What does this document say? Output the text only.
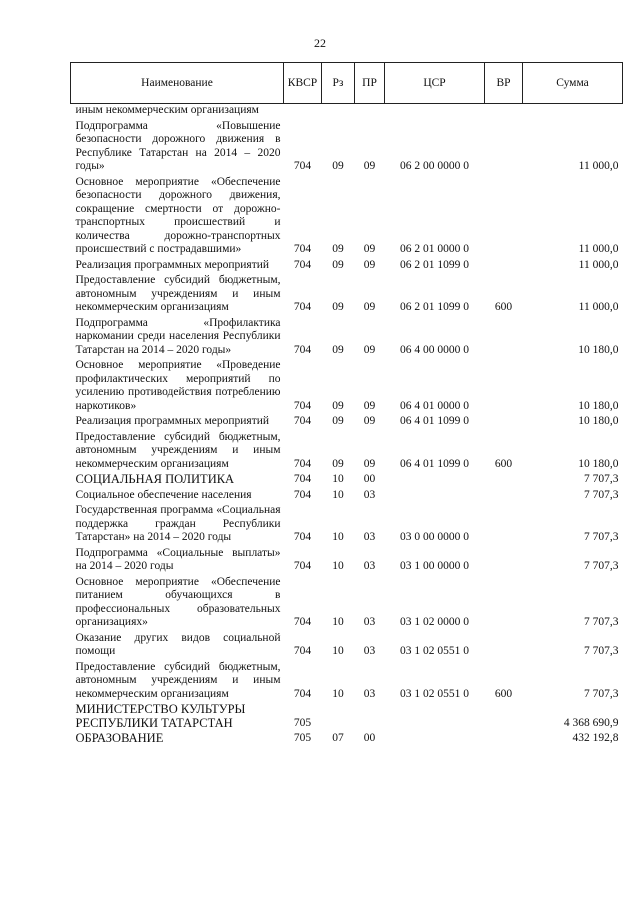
22
Наименование	КВСР	Рз	ПР	ЦСР	ВР	Сумма
иным некоммерческим организациям						
Подпрограмма «Повышение безопасности дорожного движения в Республике Татарстан на 2014 – 2020 годы»	704	09	09	06 2 00 0000 0		11 000,0
Основное мероприятие «Обеспечение безопасности дорожного движения, сокращение смертности от дорожно-транспортных происшествий и количества дорожно-транспортных происшествий с пострадавшими»	704	09	09	06 2 01 0000 0		11 000,0
Реализация программных мероприятий	704	09	09	06 2 01 1099 0		11 000,0
Предоставление субсидий бюджетным, автономным учреждениям и иным некоммерческим организациям	704	09	09	06 2 01 1099 0	600	11 000,0
Подпрограмма «Профилактика наркомании среди населения Республики Татарстан на 2014 – 2020 годы»	704	09	09	06 4 00 0000 0		10 180,0
Основное мероприятие «Проведение профилактических мероприятий по усилению противодействия потреблению наркотиков»	704	09	09	06 4 01 0000 0		10 180,0
Реализация программных мероприятий	704	09	09	06 4 01 1099 0		10 180,0
Предоставление субсидий бюджетным, автономным учреждениям и иным некоммерческим организациям	704	09	09	06 4 01 1099 0	600	10 180,0
СОЦИАЛЬНАЯ ПОЛИТИКА	704	10	00			7 707,3
Социальное обеспечение населения	704	10	03			7 707,3
Государственная программа «Социальная поддержка граждан Республики Татарстан» на 2014 – 2020 годы	704	10	03	03 0 00 0000 0		7 707,3
Подпрограмма «Социальные выплаты» на 2014 – 2020 годы	704	10	03	03 1 00 0000 0		7 707,3
Основное мероприятие «Обеспечение питанием обучающихся в профессиональных образовательных организациях»	704	10	03	03 1 02 0000 0		7 707,3
Оказание других видов социальной помощи	704	10	03	03 1 02 0551 0		7 707,3
Предоставление субсидий бюджетным, автономным учреждениям и иным некоммерческим организациям	704	10	03	03 1 02 0551 0	600	7 707,3
МИНИСТЕРСТВО КУЛЬТУРЫ РЕСПУБЛИКИ ТАТАРСТАН	705					4 368 690,9
ОБРАЗОВАНИЕ	705	07	00			432 192,8
